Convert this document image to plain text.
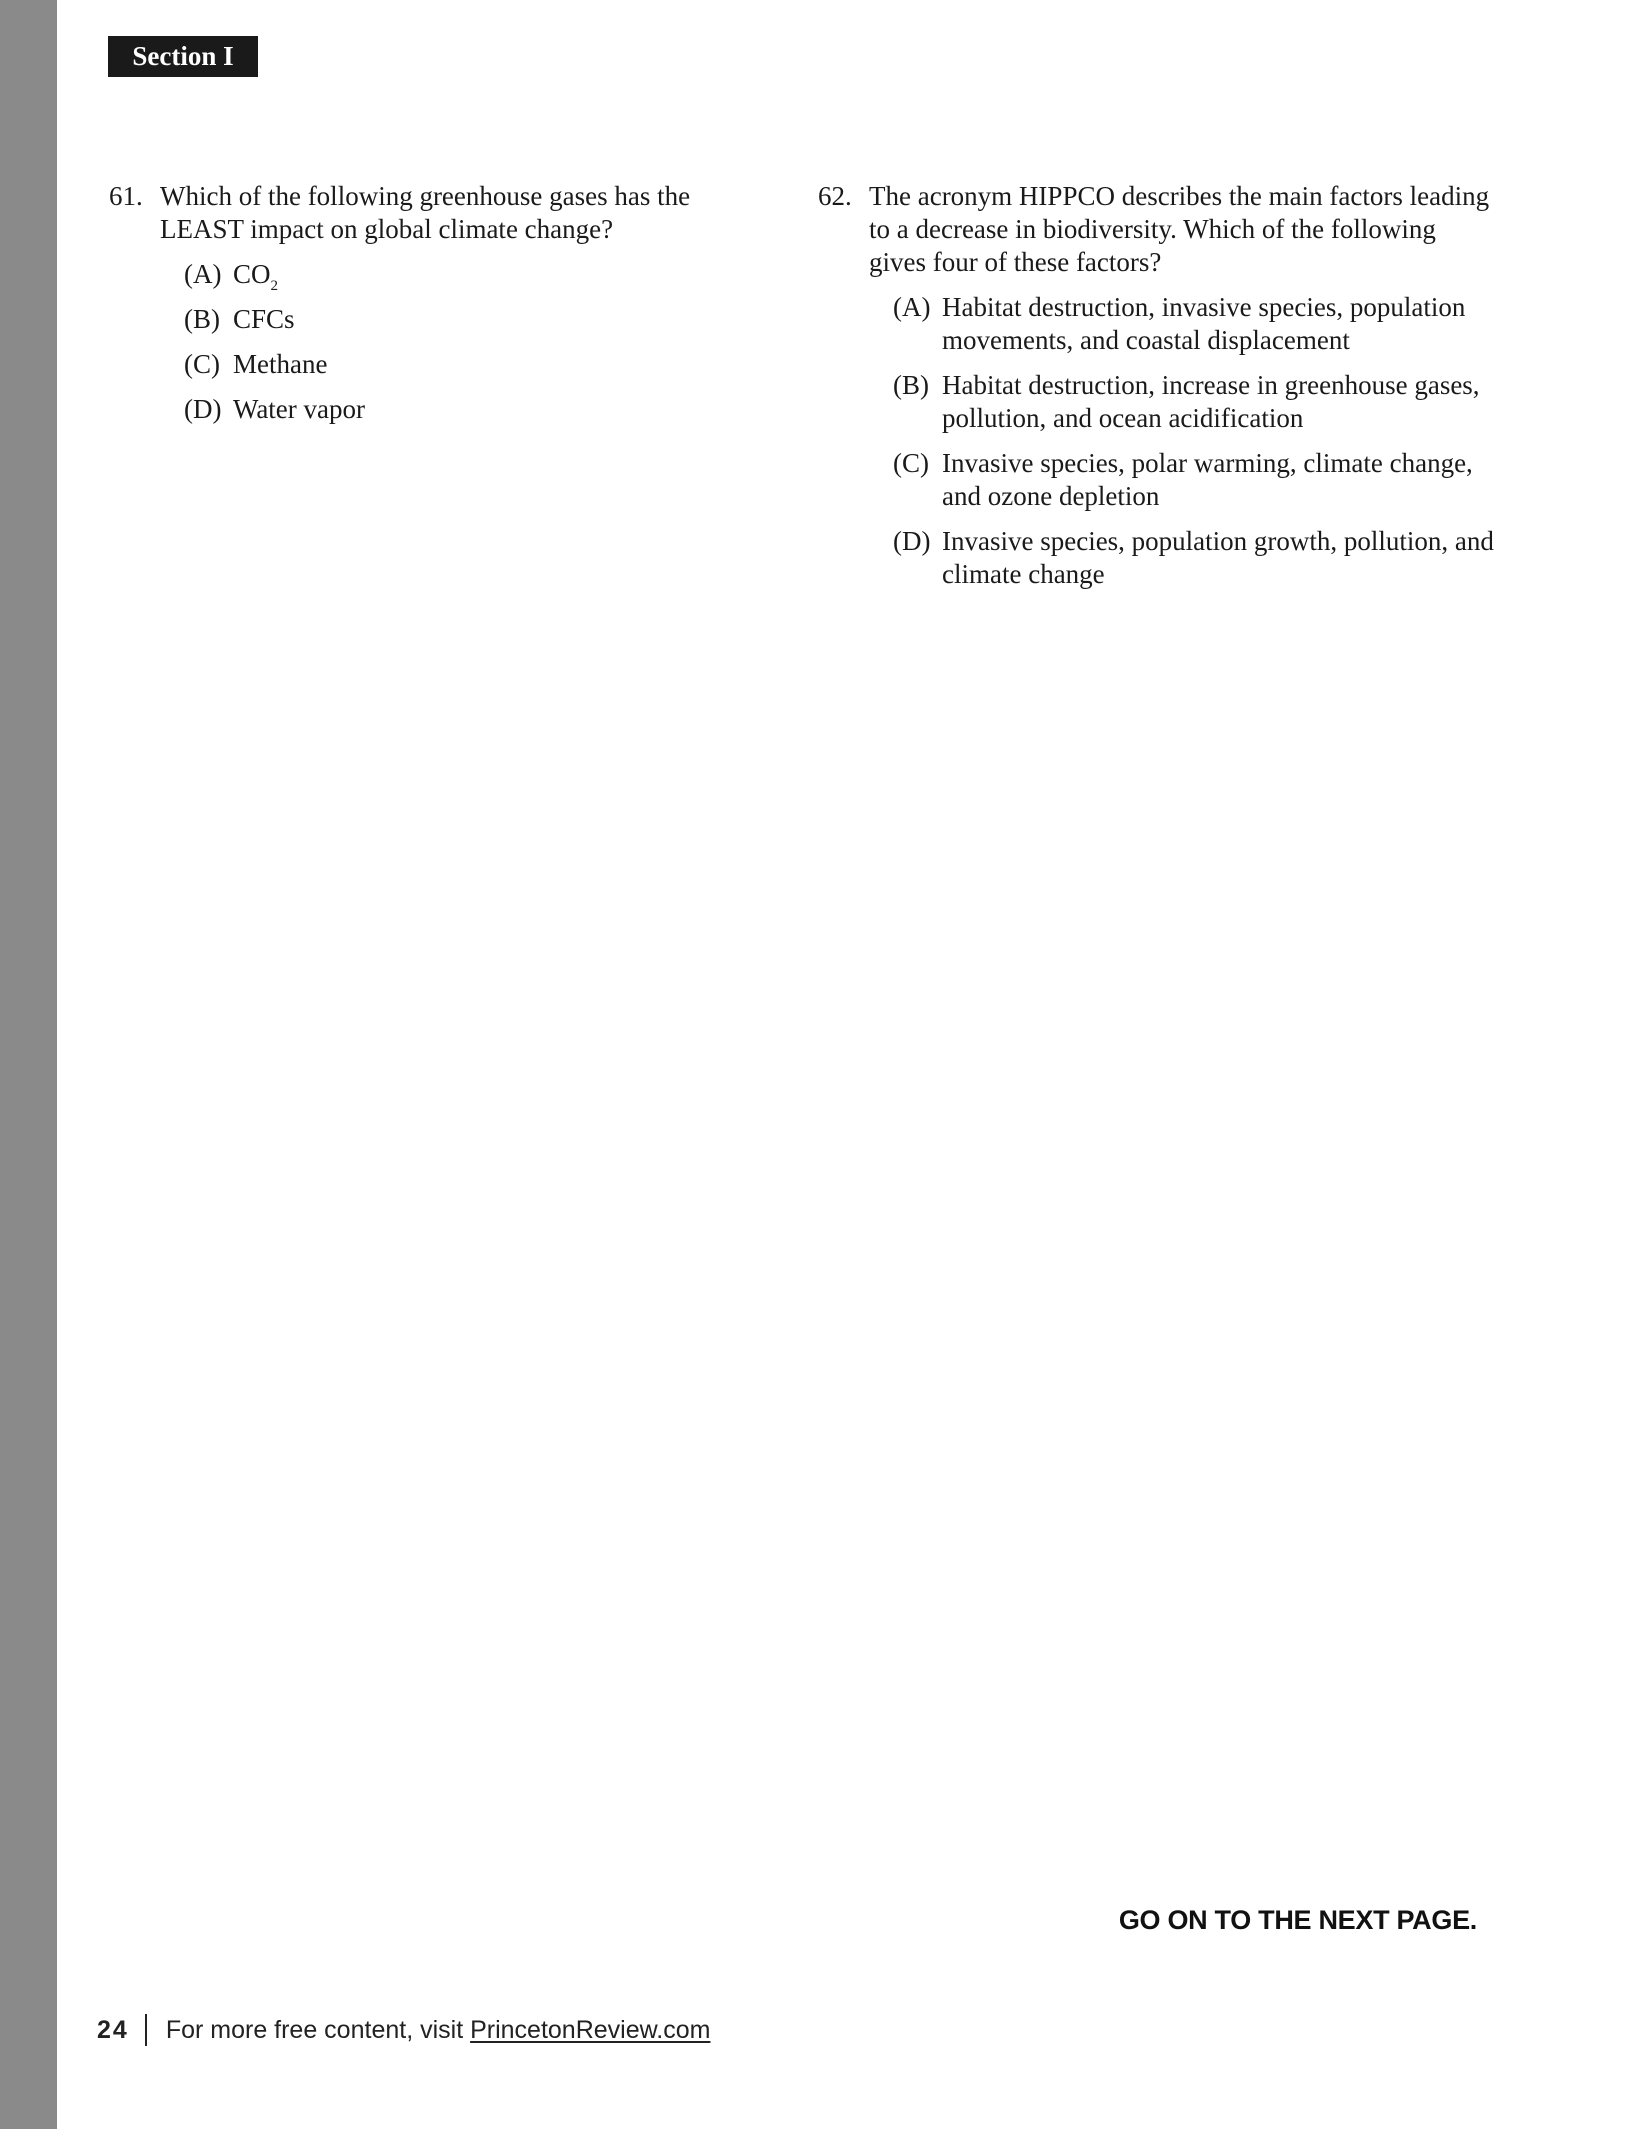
Section I
61. Which of the following greenhouse gases has the LEAST impact on global climate change?
(A) $CO_2$
(B) CFCs
(C) Methane
(D) Water vapor
62. The acronym HIPPCO describes the main factors leading to a decrease in biodiversity. Which of the following gives four of these factors?
(A) Habitat destruction, invasive species, population movements, and coastal displacement
(B) Habitat destruction, increase in greenhouse gases, pollution, and ocean acidification
(C) Invasive species, polar warming, climate change, and ozone depletion
(D) Invasive species, population growth, pollution, and climate change
GO ON TO THE NEXT PAGE.
24 For more free content, visit PrincetonReview.com
